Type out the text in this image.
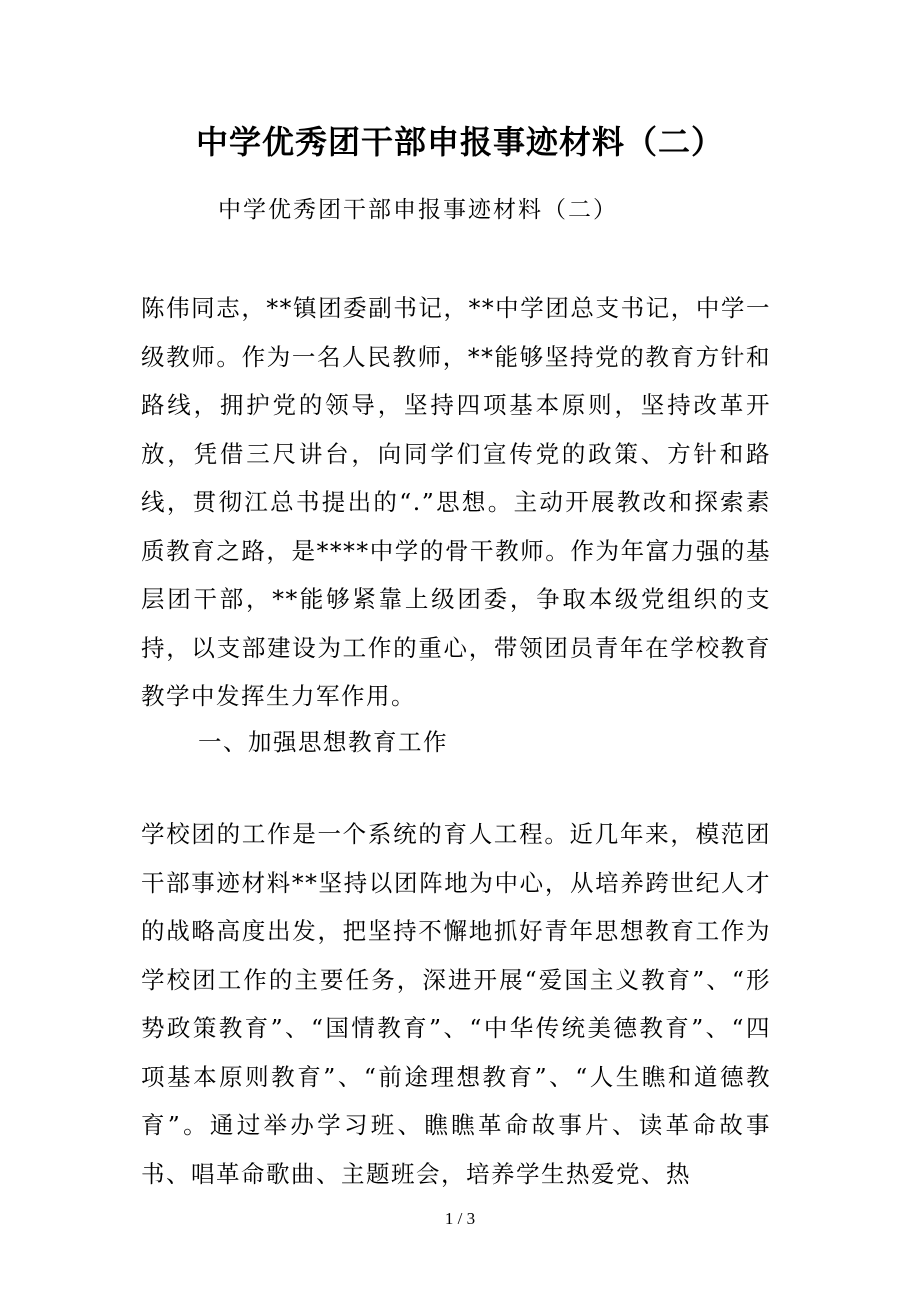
中学优秀团干部申报事迹材料（二）

中学优秀团干部申报事迹材料（二）

陈伟同志，**镇团委副书记，**中学团总支书记，中学一级教师。作为一名人民教师，**能够坚持党的教育方针和路线，拥护党的领导，坚持四项基本原则，坚持改革开放，凭借三尺讲台，向同学们宣传党的政策、方针和路线，贯彻江总书提出的“.”思想。主动开展教改和探索素质教育之路，是****中学的骨干教师。作为年富力强的基层团干部，**能够紧靠上级团委，争取本级党组织的支持，以支部建设为工作的重心，带领团员青年在学校教育教学中发挥生力军作用。

一、加强思想教育工作

学校团的工作是一个系统的育人工程。近几年来，模范团干部事迹材料**坚持以团阵地为中心，从培养跨世纪人才的战略高度出发，把坚持不懈地抓好青年思想教育工作为学校团工作的主要任务，深进开展“爱国主义教育”、“形势政策教育”、“国情教育”、“中华传统美德教育”、“四项基本原则教育”、“前途理想教育”、“人生瞧和道德教育”。通过举办学习班、瞧瞧革命故事片、读革命故事书、唱革命歌曲、主题班会，培养学生热爱党、热

1 / 3
